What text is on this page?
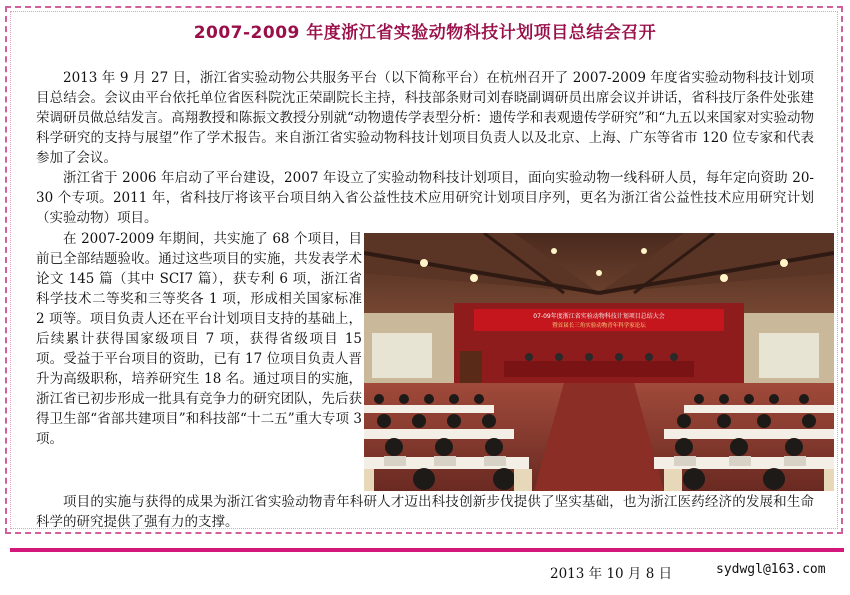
2007-2009 年度浙江省实验动物科技计划项目总结会召开

2013 年 9 月 27 日，浙江省实验动物公共服务平台（以下简称平台）在杭州召开了 2007-2009 年度省实验动物科技计划项目总结会。会议由平台依托单位省医科院沈正荣副院长主持，科技部条财司刘春晓副调研员出席会议并讲话，省科技厅条件处张建荣调研员做总结发言。高翔教授和陈振文教授分别就“动物遗传学表型分析：遗传学和表观遗传学研究”和“九五以来国家对实验动物科学研究的支持与展望”作了学术报告。来自浙江省实验动物科技计划项目负责人以及北京、上海、广东等省市 120 位专家和代表参加了会议。

浙江省于 2006 年启动了平台建设，2007 年设立了实验动物科技计划项目，面向实验动物一线科研人员，每年定向资助 20-30 个专项。2011 年，省科技厅将该平台项目纳入省公益性技术应用研究计划项目序列，更名为浙江省公益性技术应用研究计划（实验动物）项目。

在 2007-2009 年期间，共实施了 68 个项目，目前已全部结题验收。通过这些项目的实施，共发表学术论文 145 篇（其中 SCI7 篇），获专利 6 项，浙江省科学技术二等奖和三等奖各 1 项，形成相关国家标准 2 项等。项目负责人还在平台计划项目支持的基础上，后续累计获得国家级项目 7 项，获得省级项目 15 项。受益于平台项目的资助，已有 17 位项目负责人晋升为高级职称，培养研究生 18 名。通过项目的实施，浙江省已初步形成一批具有竞争力的研究团队，先后获得卫生部“省部共建项目”和科技部“十二五”重大专项 3 项。

07-09年度浙江省实验动物科技计划项目总结大会
暨首届长三角实验动物青年科学家论坛

项目的实施与获得的成果为浙江省实验动物青年科研人才迈出科技创新步伐提供了坚实基础，也为浙江医药经济的发展和生命科学的研究提供了强有力的支撑。

2013 年 10 月 8 日	sydwgl@163.com
